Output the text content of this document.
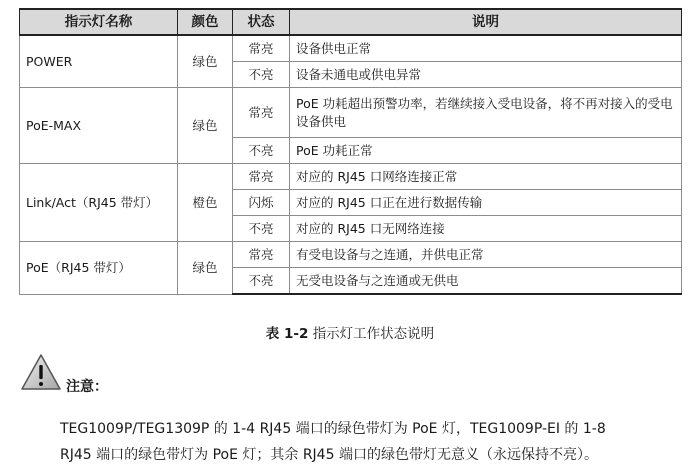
指示灯名称	颜色	状态	说明
POWER	绿色	常亮	设备供电正常
		不亮	设备未通电或供电异常
PoE-MAX	绿色	常亮	PoE 功耗超出预警功率，若继续接入受电设备，将不再对接入的受电设备供电
		不亮	PoE 功耗正常
Link/Act（RJ45 带灯）	橙色	常亮	对应的 RJ45 口网络连接正常
		闪烁	对应的 RJ45 口正在进行数据传输
		不亮	对应的 RJ45 口无网络连接
PoE（RJ45 带灯）	绿色	常亮	有受电设备与之连通，并供电正常
		不亮	无受电设备与之连通或无供电
表 1-2 指示灯工作状态说明
注意：

TEG1009P/TEG1309P 的 1-4 RJ45 端口的绿色带灯为 PoE 灯，TEG1009P-EI 的 1-8

RJ45 端口的绿色带灯为 PoE 灯；其余 RJ45 端口的绿色带灯无意义（永远保持不亮）。
